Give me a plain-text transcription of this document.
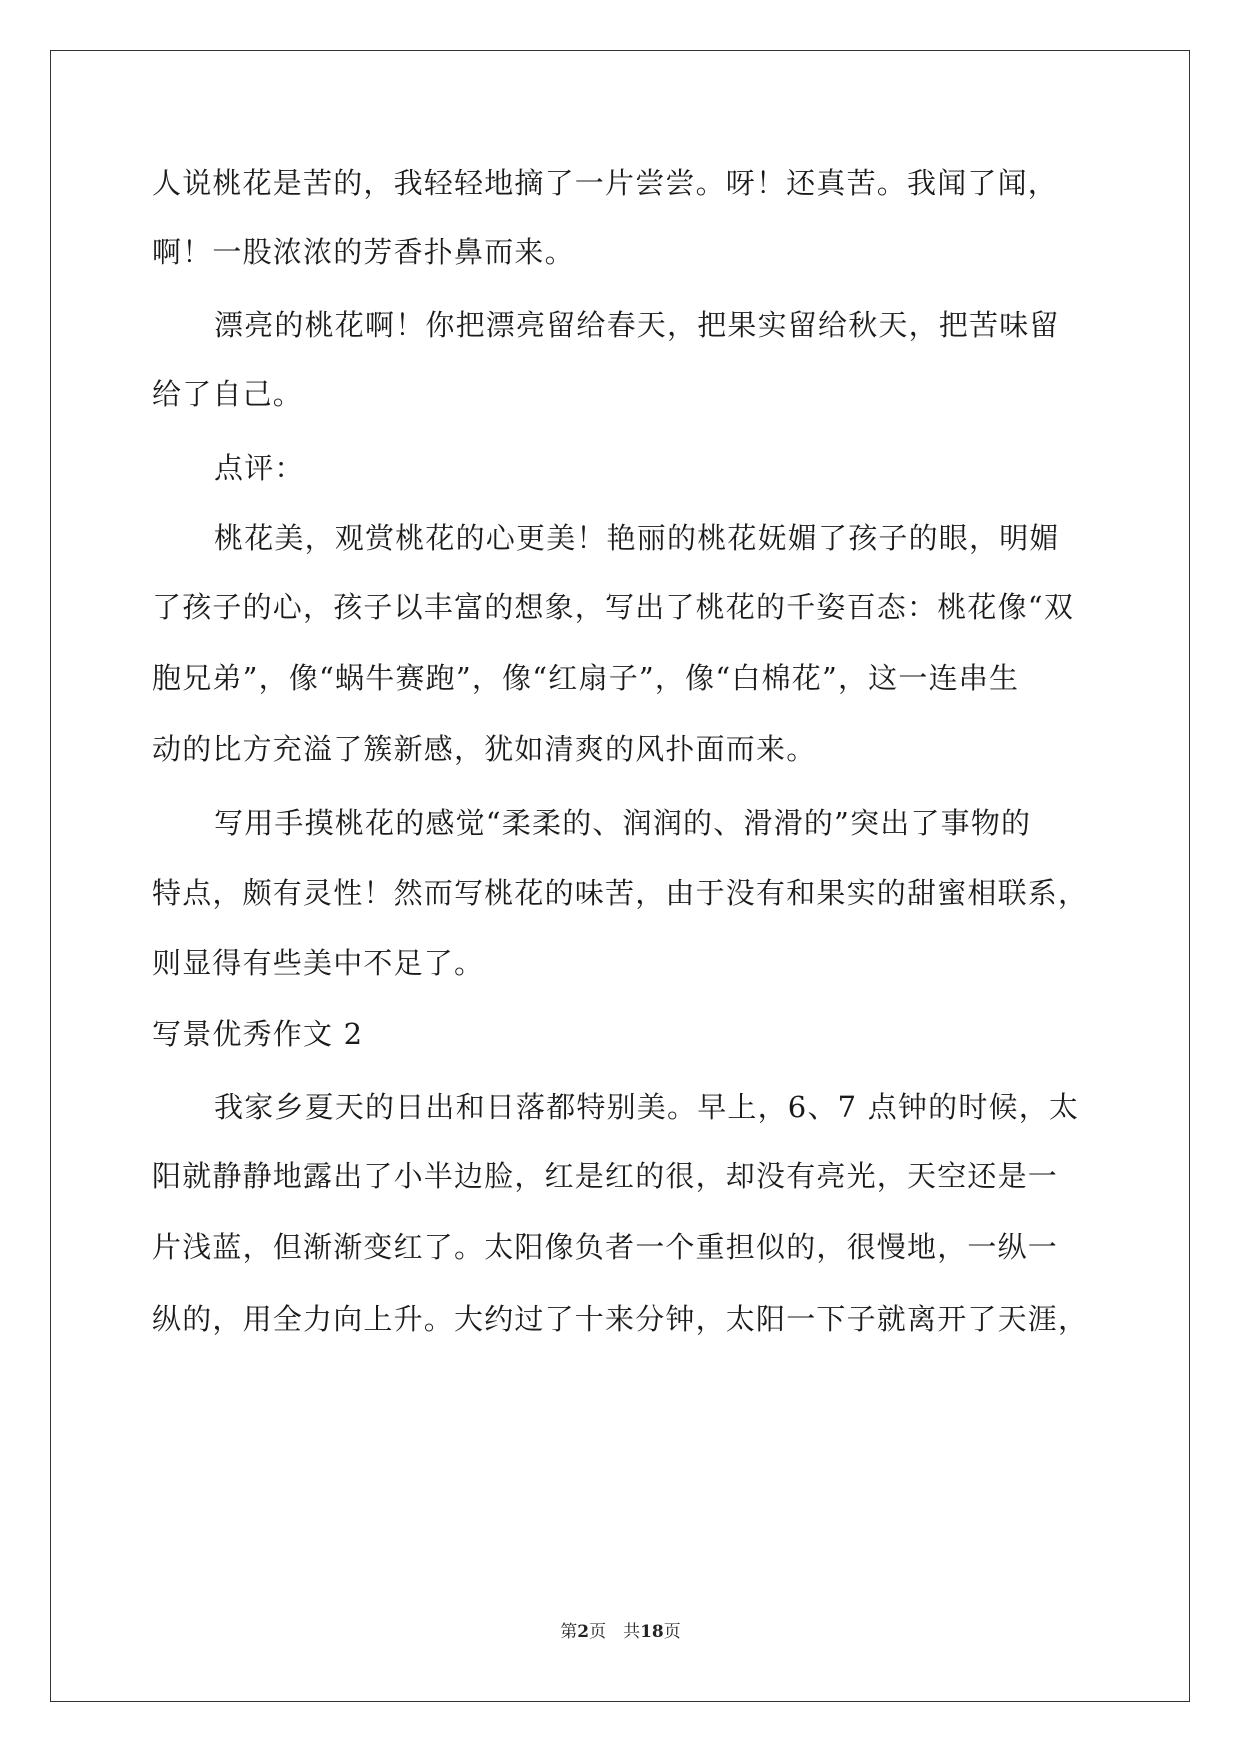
人说桃花是苦的，我轻轻地摘了一片尝尝。呀！还真苦。我闻了闻，
啊！一股浓浓的芳香扑鼻而来。
漂亮的桃花啊！你把漂亮留给春天，把果实留给秋天，把苦味留
给了自己。
点评：
桃花美，观赏桃花的心更美！艳丽的桃花妩媚了孩子的眼，明媚
了孩子的心，孩子以丰富的想象，写出了桃花的千姿百态：桃花像“双
胞兄弟”，像“蜗牛赛跑”，像“红扇子”，像“白棉花”，这一连串生
动的比方充溢了簇新感，犹如清爽的风扑面而来。
写用手摸桃花的感觉“柔柔的、润润的、滑滑的”突出了事物的
特点，颇有灵性！然而写桃花的味苦，由于没有和果实的甜蜜相联系，
则显得有些美中不足了。
写景优秀作文 2
我家乡夏天的日出和日落都特别美。早上，6、7 点钟的时候，太
阳就静静地露出了小半边脸，红是红的很，却没有亮光，天空还是一
片浅蓝，但渐渐变红了。太阳像负者一个重担似的，很慢地，一纵一
纵的，用全力向上升。大约过了十来分钟，太阳一下子就离开了天涯，
第2页　共18页
